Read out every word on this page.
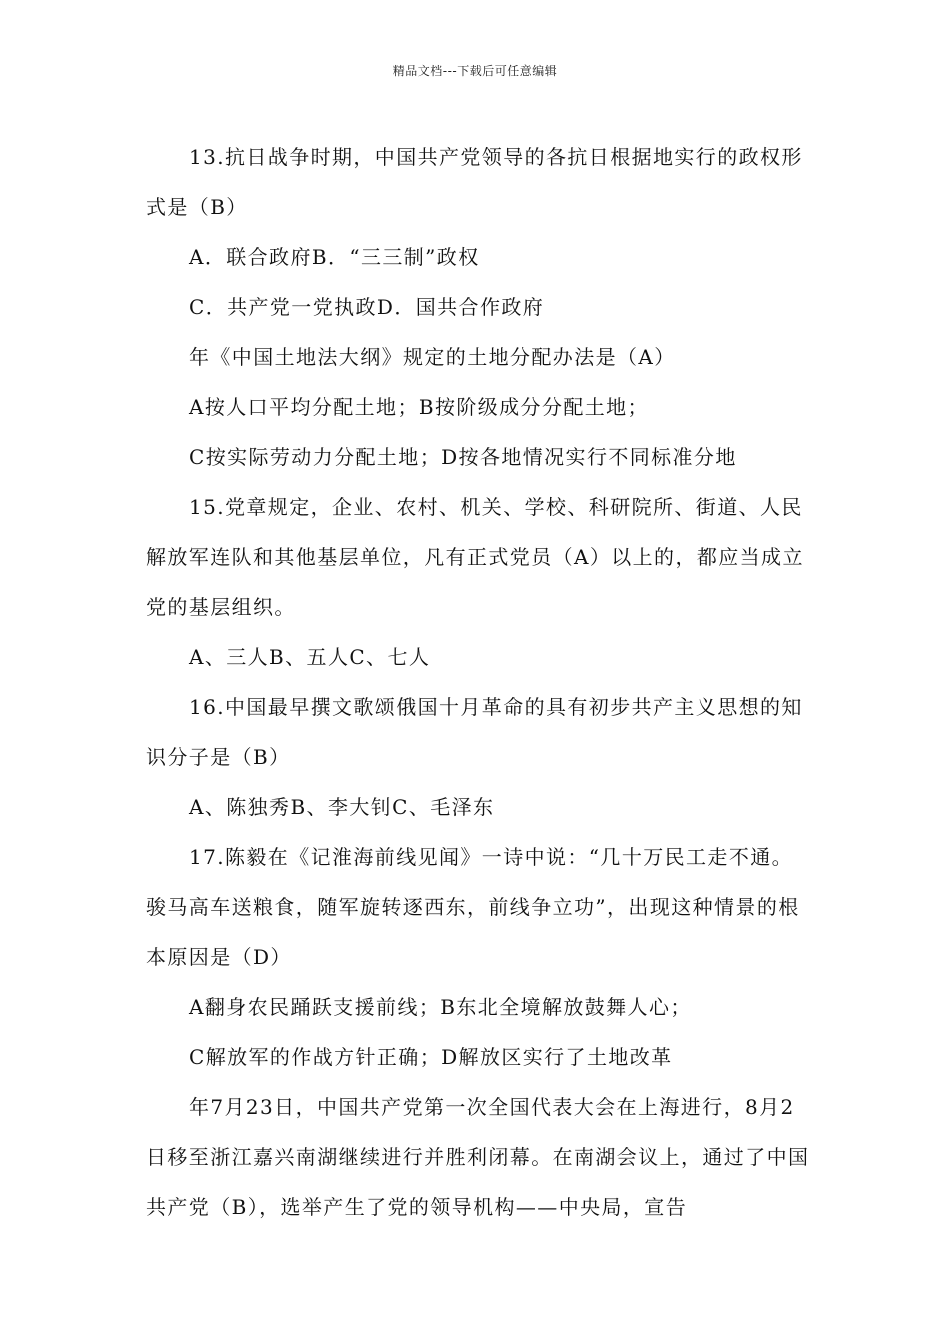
精品文档---下载后可任意编辑

13.抗日战争时期，中国共产党领导的各抗日根据地实行的政权形式是（B）

A．联合政府B．“三三制”政权

C．共产党一党执政D．国共合作政府

年《中国土地法大纲》规定的土地分配办法是（A）

A按人口平均分配土地；B按阶级成分分配土地；

C按实际劳动力分配土地；D按各地情况实行不同标准分地

15.党章规定，企业、农村、机关、学校、科研院所、街道、人民解放军连队和其他基层单位，凡有正式党员（A）以上的，都应当成立党的基层组织。

A、三人B、五人C、七人

16.中国最早撰文歌颂俄国十月革命的具有初步共产主义思想的知识分子是（B）

A、陈独秀B、李大钊C、毛泽东

17.陈毅在《记淮海前线见闻》一诗中说：“几十万民工走不通。骏马高车送粮食，随军旋转逐西东，前线争立功”，出现这种情景的根本原因是（D）

A翻身农民踊跃支援前线；B东北全境解放鼓舞人心；

C解放军的作战方针正确；D解放区实行了土地改革

年7月23日，中国共产党第一次全国代表大会在上海进行，8月2日移至浙江嘉兴南湖继续进行并胜利闭幕。在南湖会议上，通过了中国共产党（B），选举产生了党的领导机构——中央局，宣告
